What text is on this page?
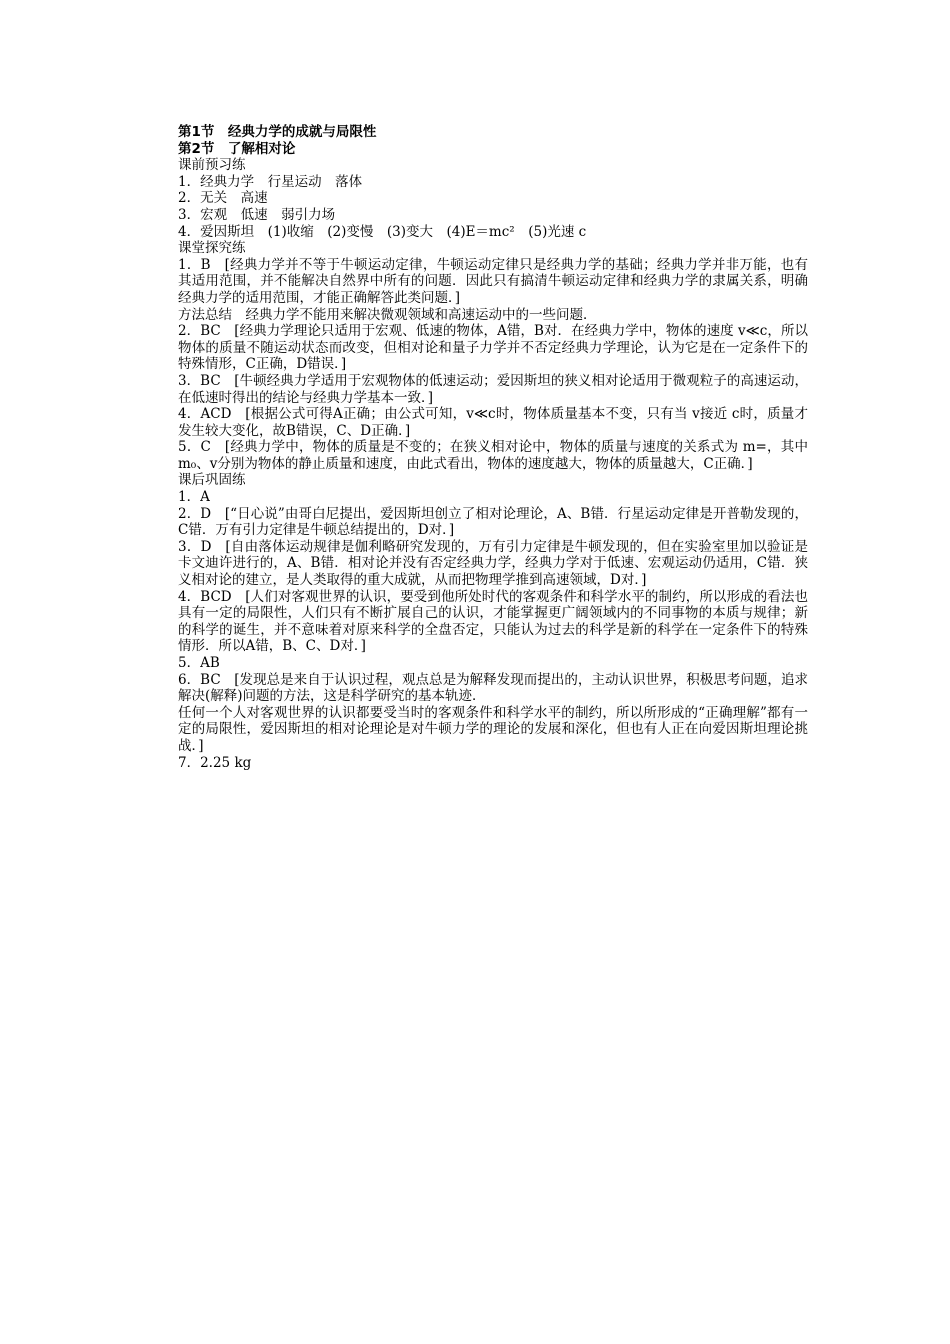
第1节　经典力学的成就与局限性
第2节　了解相对论
课前预习练
1．经典力学　行星运动　落体
2．无关　高速
3．宏观　低速　弱引力场
4．爱因斯坦　(1)收缩　(2)变慢　(3)变大　(4)E＝mc²　(5)光速 c
课堂探究练
1．B　[经典力学并不等于牛顿运动定律，牛顿运动定律只是经典力学的基础；经典力学并非万能，也有其适用范围，并不能解决自然界中所有的问题．因此只有搞清牛顿运动定律和经典力学的隶属关系，明确经典力学的适用范围，才能正确解答此类问题．]
方法总结　经典力学不能用来解决微观领域和高速运动中的一些问题．
2．BC　[经典力学理论只适用于宏观、低速的物体，A错，B对．在经典力学中，物体的速度 v≪c，所以物体的质量不随运动状态而改变，但相对论和量子力学并不否定经典力学理论，认为它是在一定条件下的特殊情形，C正确，D错误．]
3．BC　[牛顿经典力学适用于宏观物体的低速运动；爱因斯坦的狭义相对论适用于微观粒子的高速运动，在低速时得出的结论与经典力学基本一致．]
4．ACD　[根据公式可得A正确；由公式可知，v≪c时，物体质量基本不变，只有当 v接近 c时，质量才发生较大变化，故B错误，C、D正确．]
5．C　[经典力学中，物体的质量是不变的；在狭义相对论中，物体的质量与速度的关系式为 m=，其中 m₀、v分别为物体的静止质量和速度，由此式看出，物体的速度越大，物体的质量越大，C正确．]
课后巩固练
1．A
2．D　[“日心说”由哥白尼提出，爱因斯坦创立了相对论理论，A、B错．行星运动定律是开普勒发现的，C错．万有引力定律是牛顿总结提出的，D对．]
3．D　[自由落体运动规律是伽利略研究发现的，万有引力定律是牛顿发现的，但在实验室里加以验证是卡文迪许进行的，A、B错．相对论并没有否定经典力学，经典力学对于低速、宏观运动仍适用，C错．狭义相对论的建立，是人类取得的重大成就，从而把物理学推到高速领域，D对．]
4．BCD　[人们对客观世界的认识，要受到他所处时代的客观条件和科学水平的制约，所以形成的看法也具有一定的局限性，人们只有不断扩展自己的认识，才能掌握更广阔领域内的不同事物的本质与规律；新的科学的诞生，并不意味着对原来科学的全盘否定，只能认为过去的科学是新的科学在一定条件下的特殊情形．所以A错，B、C、D对．]
5．AB
6．BC　[发现总是来自于认识过程，观点总是为解释发现而提出的，主动认识世界，积极思考问题，追求解决(解释)问题的方法，这是科学研究的基本轨迹．
任何一个人对客观世界的认识都要受当时的客观条件和科学水平的制约，所以所形成的“正确理解”都有一定的局限性，爱因斯坦的相对论理论是对牛顿力学的理论的发展和深化，但也有人正在向爱因斯坦理论挑战．]
7．2.25 kg
